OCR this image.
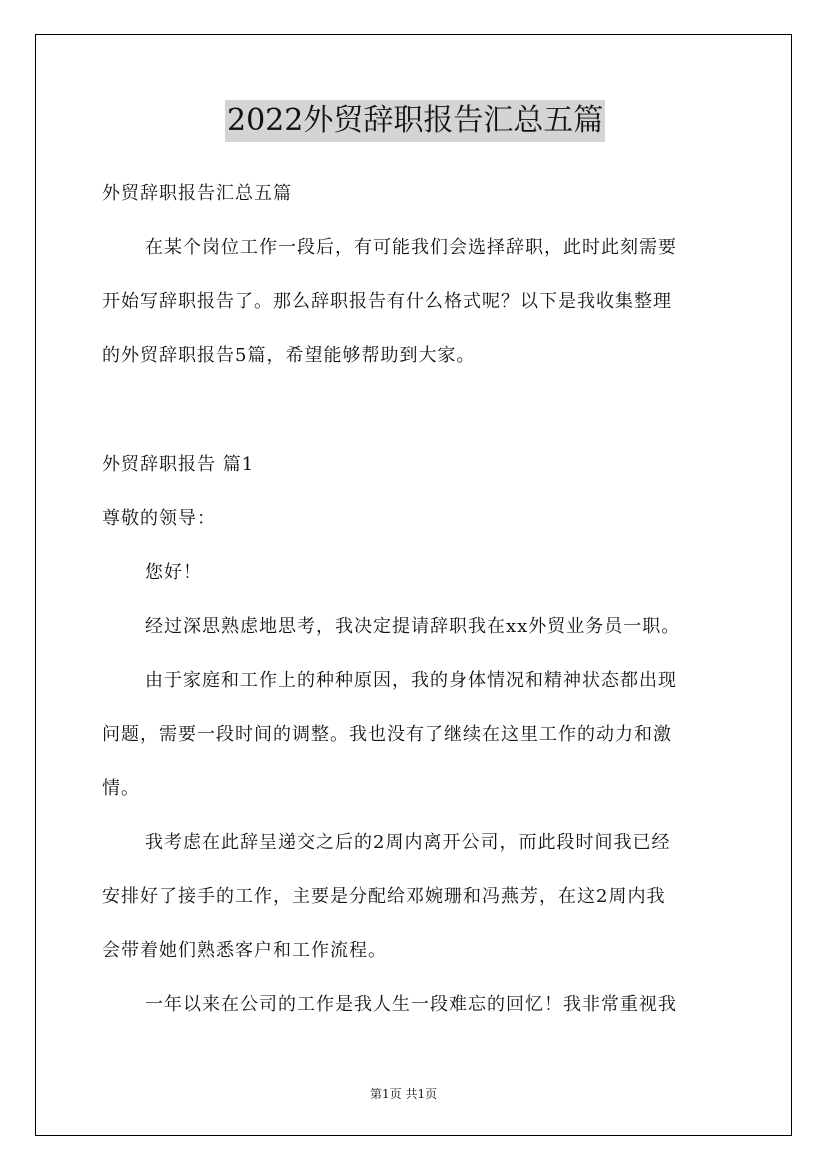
2022外贸辞职报告汇总五篇
外贸辞职报告汇总五篇
在某个岗位工作一段后，有可能我们会选择辞职，此时此刻需要
开始写辞职报告了。那么辞职报告有什么格式呢？以下是我收集整理
的外贸辞职报告5篇，希望能够帮助到大家。
外贸辞职报告 篇1
尊敬的领导：
您好！
经过深思熟虑地思考，我决定提请辞职我在xx外贸业务员一职。
由于家庭和工作上的种种原因，我的身体情况和精神状态都出现
问题，需要一段时间的调整。我也没有了继续在这里工作的动力和激
情。
我考虑在此辞呈递交之后的2周内离开公司，而此段时间我已经
安排好了接手的工作，主要是分配给邓婉珊和冯燕芳，在这2周内我
会带着她们熟悉客户和工作流程。
一年以来在公司的工作是我人生一段难忘的回忆！我非常重视我
第1页 共1页
